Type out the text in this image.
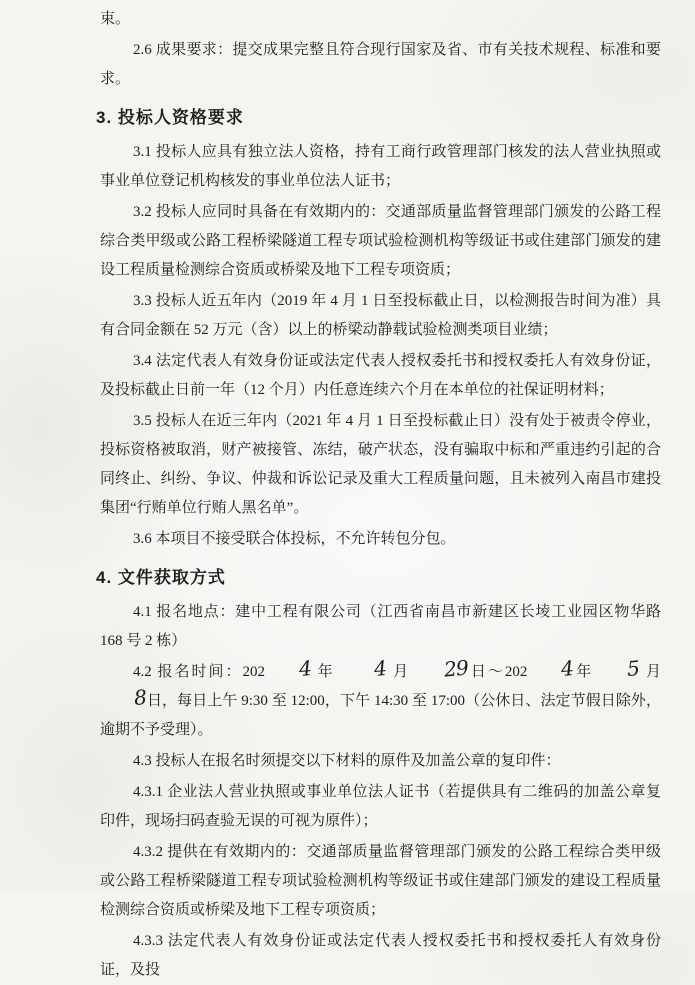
束。

2.6 成果要求：提交成果完整且符合现行国家及省、市有关技术规程、标准和要求。

3. 投标人资格要求

3.1 投标人应具有独立法人资格，持有工商行政管理部门核发的法人营业执照或事业单位登记机构核发的事业单位法人证书；

3.2 投标人应同时具备在有效期内的：交通部质量监督管理部门颁发的公路工程综合类甲级或公路工程桥梁隧道工程专项试验检测机构等级证书或住建部门颁发的建设工程质量检测综合资质或桥梁及地下工程专项资质；

3.3 投标人近五年内（2019 年 4 月 1 日至投标截止日，以检测报告时间为准）具有合同金额在 52 万元（含）以上的桥梁动静载试验检测类项目业绩；

3.4 法定代表人有效身份证或法定代表人授权委托书和授权委托人有效身份证，及投标截止日前一年（12 个月）内任意连续六个月在本单位的社保证明材料；

3.5 投标人在近三年内（2021 年 4 月 1 日至投标截止日）没有处于被责令停业，投标资格被取消，财产被接管、冻结，破产状态，没有骗取中标和严重违约引起的合同终止、纠纷、争议、仲裁和诉讼记录及重大工程质量问题，且未被列入南昌市建投集团“行贿单位行贿人黑名单”。

3.6 本项目不接受联合体投标，不允许转包分包。

4. 文件获取方式

4.1 报名地点：建中工程有限公司（江西省南昌市新建区长堎工业园区物华路 168 号 2 栋）

4.2 报名时间：202 4 年 4 月 29日～202 4年 5 月8日，每日上午 9:30 至 12:00，下午 14:30 至 17:00（公休日、法定节假日除外，逾期不予受理）。

4.3 投标人在报名时须提交以下材料的原件及加盖公章的复印件：

4.3.1 企业法人营业执照或事业单位法人证书（若提供具有二维码的加盖公章复印件，现场扫码查验无误的可视为原件）；

4.3.2 提供在有效期内的：交通部质量监督管理部门颁发的公路工程综合类甲级或公路工程桥梁隧道工程专项试验检测机构等级证书或住建部门颁发的建设工程质量检测综合资质或桥梁及地下工程专项资质；

4.3.3 法定代表人有效身份证或法定代表人授权委托书和授权委托人有效身份证，及投
